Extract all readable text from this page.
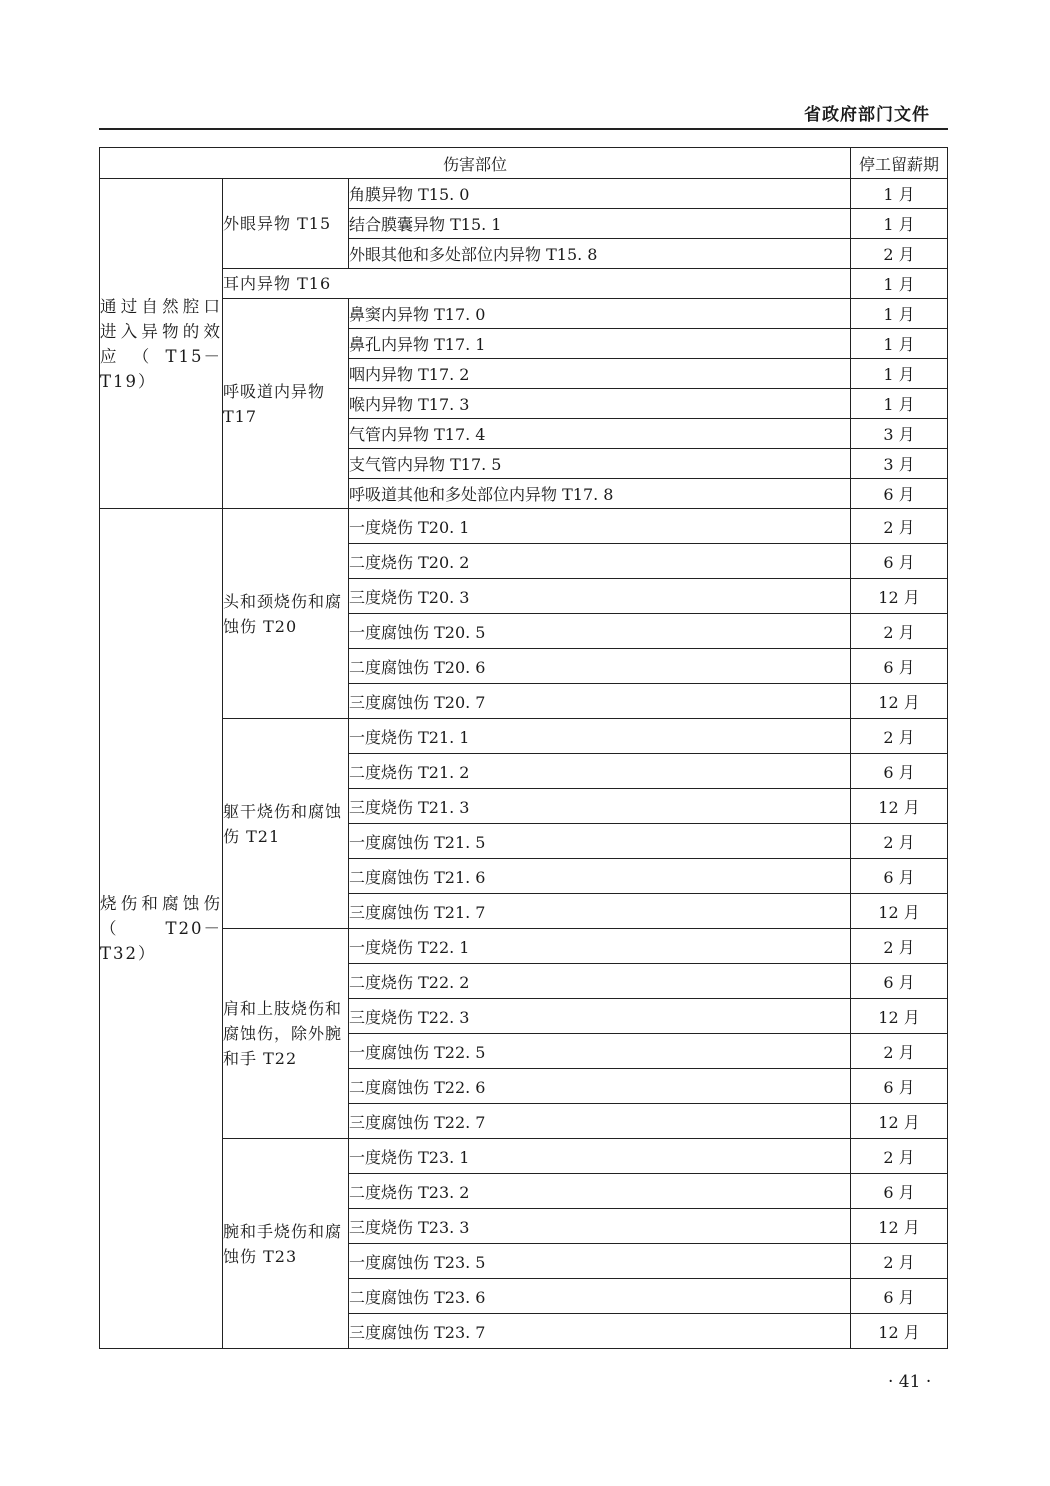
省政府部门文件
伤害部位			停工留薪期
通过自然腔口进入异物的效应（T15－T19）	外眼异物 T15	角膜异物 T15. 0	1 月
		结合膜囊异物 T15. 1	1 月
		外眼其他和多处部位内异物 T15. 8	2 月
	耳内异物 T16		1 月
	呼吸道内异物 T17	鼻窦内异物 T17. 0	1 月
		鼻孔内异物 T17. 1	1 月
		咽内异物 T17. 2	1 月
		喉内异物 T17. 3	1 月
		气管内异物 T17. 4	3 月
		支气管内异物 T17. 5	3 月
		呼吸道其他和多处部位内异物 T17. 8	6 月
烧伤和腐蚀伤（T20－T32）	头和颈烧伤和腐蚀伤 T20	一度烧伤 T20. 1	2 月
		二度烧伤 T20. 2	6 月
		三度烧伤 T20. 3	12 月
		一度腐蚀伤 T20. 5	2 月
		二度腐蚀伤 T20. 6	6 月
		三度腐蚀伤 T20. 7	12 月
	躯干烧伤和腐蚀伤 T21	一度烧伤 T21. 1	2 月
		二度烧伤 T21. 2	6 月
		三度烧伤 T21. 3	12 月
		一度腐蚀伤 T21. 5	2 月
		二度腐蚀伤 T21. 6	6 月
		三度腐蚀伤 T21. 7	12 月
	肩和上肢烧伤和腐蚀伤，除外腕和手 T22	一度烧伤 T22. 1	2 月
		二度烧伤 T22. 2	6 月
		三度烧伤 T22. 3	12 月
		一度腐蚀伤 T22. 5	2 月
		二度腐蚀伤 T22. 6	6 月
		三度腐蚀伤 T22. 7	12 月
	腕和手烧伤和腐蚀伤 T23	一度烧伤 T23. 1	2 月
		二度烧伤 T23. 2	6 月
		三度烧伤 T23. 3	12 月
		一度腐蚀伤 T23. 5	2 月
		二度腐蚀伤 T23. 6	6 月
		三度腐蚀伤 T23. 7	12 月
· 41 ·
